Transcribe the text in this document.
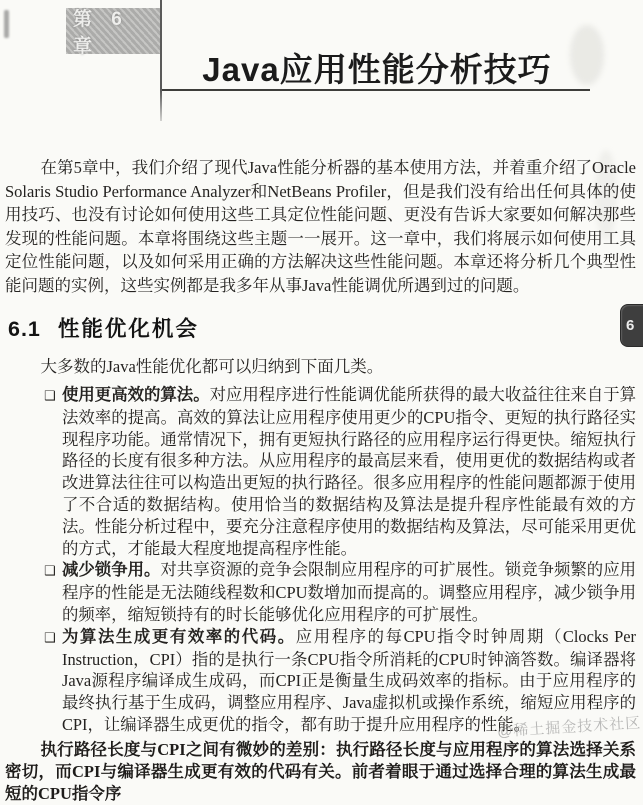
第 6 章
Java应用性能分析技巧

在第5章中，我们介绍了现代Java性能分析器的基本使用方法，并着重介绍了Oracle Solaris Studio Performance Analyzer和NetBeans Profiler，但是我们没有给出任何具体的使用技巧、也没有讨论如何使用这些工具定位性能问题、更没有告诉大家要如何解决那些发现的性能问题。本章将围绕这些主题一一展开。这一章中，我们将展示如何使用工具定位性能问题，以及如何采用正确的方法解决这些性能问题。本章还将分析几个典型性能问题的实例，这些实例都是我多年从事Java性能调优所遇到过的问题。

6.1 性能优化机会

大多数的Java性能优化都可以归纳到下面几类。

❑ 使用更高效的算法。对应用程序进行性能调优能所获得的最大收益往往来自于算法效率的提高。高效的算法让应用程序使用更少的CPU指令、更短的执行路径实现程序功能。通常情况下，拥有更短执行路径的应用程序运行得更快。缩短执行路径的长度有很多种方法。从应用程序的最高层来看，使用更优的数据结构或者改进算法往往可以构造出更短的执行路径。很多应用程序的性能问题都源于使用了不合适的数据结构。使用恰当的数据结构及算法是提升程序性能最有效的方法。性能分析过程中，要充分注意程序使用的数据结构及算法，尽可能采用更优的方式，才能最大程度地提高程序性能。
❑ 减少锁争用。对共享资源的竞争会限制应用程序的可扩展性。锁竞争频繁的应用程序的性能是无法随线程数和CPU数增加而提高的。调整应用程序，减少锁争用的频率，缩短锁持有的时长能够优化应用程序的可扩展性。
❑ 为算法生成更有效率的代码。应用程序的每CPU指令时钟周期（Clocks Per Instruction，CPI）指的是执行一条CPU指令所消耗的CPU时钟滴答数。编译器将Java源程序编译成生成码，而CPI正是衡量生成码效率的指标。由于应用程序的最终执行基于生成码，调整应用程序、Java虚拟机或操作系统，缩短应用程序的CPI，让编译器生成更优的指令，都有助于提升应用程序的性能。

执行路径长度与CPI之间有微妙的差别：执行路径长度与应用程序的算法选择关系密切，而CPI与编译器生成更有效的代码有关。前者着眼于通过选择合理的算法生成最短的CPU指令序

6
@稀土掘金技术社区
